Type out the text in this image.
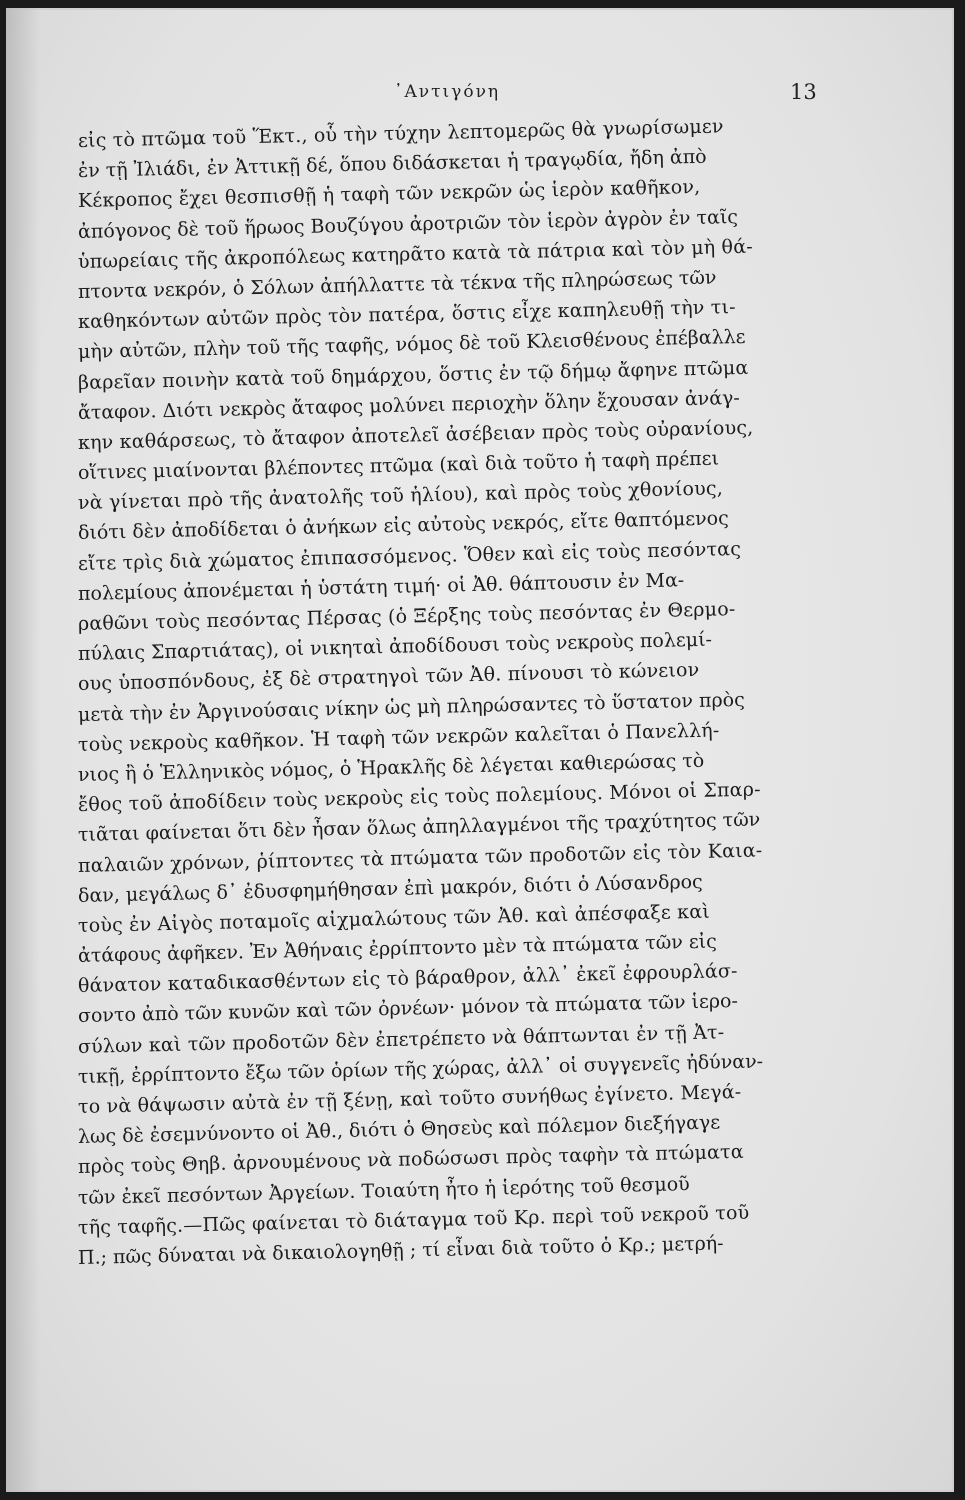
᾿Αντιγόνη	13
εἰς τὸ πτῶμα τοῦ Ἕκτ., οὗ τὴν τύχην λεπτομερῶς θὰ γνωρίσωμεν
ἐν τῇ Ἰλιάδι, ἐν Ἀττικῇ δέ, ὅπου διδάσκεται ἡ τραγῳδία, ἤδη ἀπὸ
Κέκροπος ἔχει θεσπισθῇ ἡ ταφὴ τῶν νεκρῶν ὡς ἱερὸν καθῆκον,
ἀπόγονος δὲ τοῦ ἥρωος Βουζύγου ἀροτριῶν τὸν ἱερὸν ἀγρὸν ἐν ταῖς
ὑπωρείαις τῆς ἀκροπόλεως κατηρᾶτο κατὰ τὰ πάτρια καὶ τὸν μὴ θά-
πτοντα νεκρόν, ὁ Σόλων ἀπήλλαττε τὰ τέκνα τῆς πληρώσεως τῶν
καθηκόντων αὐτῶν πρὸς τὸν πατέρα, ὅστις εἶχε καπηλευθῇ τὴν τι-
μὴν αὐτῶν, πλὴν τοῦ τῆς ταφῆς, νόμος δὲ τοῦ Κλεισθένους ἐπέβαλλε
βαρεῖαν ποινὴν κατὰ τοῦ δημάρχου, ὅστις ἐν τῷ δήμῳ ἄφηνε πτῶμα
ἄταφον. Διότι νεκρὸς ἄταφος μολύνει περιοχὴν ὅλην ἔχουσαν ἀνάγ-
κην καθάρσεως, τὸ ἄταφον ἀποτελεῖ ἀσέβειαν πρὸς τοὺς οὐρανίους,
οἵτινες μιαίνονται βλέποντες πτῶμα (καὶ διὰ τοῦτο ἡ ταφὴ πρέπει
νὰ γίνεται πρὸ τῆς ἀνατολῆς τοῦ ἡλίου), καὶ πρὸς τοὺς χθονίους,
διότι δὲν ἀποδίδεται ὁ ἀνήκων εἰς αὐτοὺς νεκρός, εἴτε θαπτόμενος
εἴτε τρὶς διὰ χώματος ἐπιπασσόμενος. Ὅθεν καὶ εἰς τοὺς πεσόντας
πολεμίους ἀπονέμεται ἡ ὑστάτη τιμή· οἱ Ἀθ. θάπτουσιν ἐν Μα-
ραθῶνι τοὺς πεσόντας Πέρσας (ὁ Ξέρξης τοὺς πεσόντας ἐν Θερμο-
πύλαις Σπαρτιάτας), οἱ νικηταὶ ἀποδίδουσι τοὺς νεκροὺς πολεμί-
ους ὑποσπόνδους, ἐξ δὲ στρατηγοὶ τῶν Ἀθ. πίνουσι τὸ κώνειον
μετὰ τὴν ἐν Ἀργινούσαις νίκην ὡς μὴ πληρώσαντες τὸ ὕστατον πρὸς
τοὺς νεκροὺς καθῆκον. Ἡ ταφὴ τῶν νεκρῶν καλεῖται ὁ Πανελλή-
νιος ἢ ὁ Ἑλληνικὸς νόμος, ὁ Ἡρακλῆς δὲ λέγεται καθιερώσας τὸ
ἔθος τοῦ ἀποδίδειν τοὺς νεκροὺς εἰς τοὺς πολεμίους. Μόνοι οἱ Σπαρ-
τιᾶται φαίνεται ὅτι δὲν ἦσαν ὅλως ἀπηλλαγμένοι τῆς τραχύτητος τῶν
παλαιῶν χρόνων, ῥίπτοντες τὰ πτώματα τῶν προδοτῶν εἰς τὸν Καια-
δαν, μεγάλως δ᾿ ἐδυσφημήθησαν ἐπὶ μακρόν, διότι ὁ Λύσανδρος
τοὺς ἐν Αἰγὸς ποταμοῖς αἰχμαλώτους τῶν Ἀθ. καὶ ἀπέσφαξε καὶ
ἀτάφους ἀφῆκεν. Ἐν Ἀθήναις ἐρρίπτοντο μὲν τὰ πτώματα τῶν εἰς
θάνατον καταδικασθέντων εἰς τὸ βάραθρον, ἀλλ᾿ ἐκεῖ ἐφρουρλάσ-
σοντο ἀπὸ τῶν κυνῶν καὶ τῶν ὀρνέων· μόνον τὰ πτώματα τῶν ἱερο-
σύλων καὶ τῶν προδοτῶν δὲν ἐπετρέπετο νὰ θάπτωνται ἐν τῇ Ἀτ-
τικῇ, ἐρρίπτοντο ἔξω τῶν ὁρίων τῆς χώρας, ἀλλ᾿ οἱ συγγενεῖς ἠδύναν-
το νὰ θάψωσιν αὐτὰ ἐν τῇ ξένῃ, καὶ τοῦτο συνήθως ἐγίνετο. Μεγά-
λως δὲ ἐσεμνύνοντο οἱ Ἀθ., διότι ὁ Θησεὺς καὶ πόλεμον διεξήγαγε
πρὸς τοὺς Θηβ. ἀρνουμένους νὰ ποδώσωσι πρὸς ταφὴν τὰ πτώματα
τῶν ἐκεῖ πεσόντων Ἀργείων. Τοιαύτη ἦτο ἡ ἱερότης τοῦ θεσμοῦ
τῆς ταφῆς.—Πῶς φαίνεται τὸ διάταγμα τοῦ Κρ. περὶ τοῦ νεκροῦ τοῦ
Π.; πῶς δύναται νὰ δικαιολογηθῇ ; τί εἶναι διὰ τοῦτο ὁ Κρ.; μετρή-
